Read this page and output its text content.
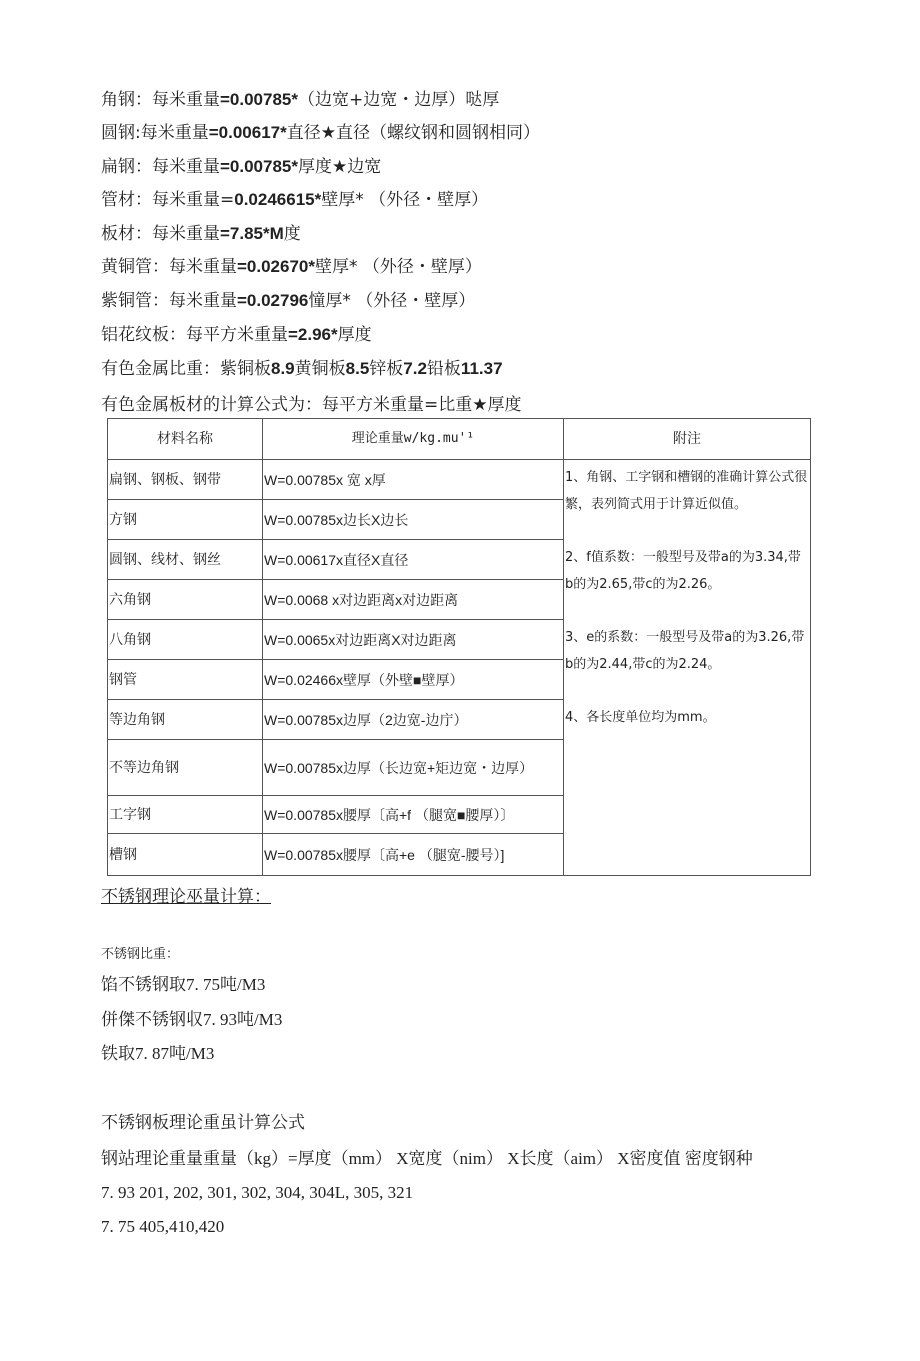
角钢：每米重量=0.00785*（边宽+边宽・边厚）哒厚
圆钢:每米重量=0.00617*直径★直径（螺纹钢和圆钢相同）
扁钢：每米重量=0.00785*厚度★边宽
管材：每米重量=0.0246615*壁厚* （外径・壁厚）
板材：每米重量=7.85*M度
黄铜管：每米重量=0.02670*壁厚* （外径・壁厚）
紫铜管：每米重量=0.02796憧厚* （外径・壁厚）
铝花纹板：每平方米重量=2.96*厚度
有色金属比重：紫铜板8.9黄铜板8.5锌板7.2铅板11.37
有色金属板材的计算公式为：每平方米重量=比重★厚度
材料名称	理论重量w/kg.mu'¹	附注
扁钢、钢板、钢带	W=0.00785x 宽 x厚	1、角钢、工字钢和槽钢的准确计算公式很繁，表列简式用于计算近似值。

2、f值系数：一般型号及带a的为3.34,带b的为2.65,带c的为2.26。

3、e的系数：一般型号及带a的为3.26,带b的为2.44,带c的为2.24。

4、各长度单位均为mm。

方钢	W=0.00785x边长X边长	
圆钢、线材、钢丝	W=0.00617x直径X直径	
六角钢	W=0.0068 x对边距离x对边距离	
八角钢	W=0.0065x对边距离X对边距离	
钢管	W=0.02466x壁厚（外壁■壁厚）	
等边角钢	W=0.00785x边厚（2边宽-边庁）	
不等边角钢	W=0.00785x边厚（长边宽+矩边宽・边厚）	
工字钢	W=0.00785x腰厚〔高+f （腿宽■腰厚）〕	
槽钢	W=0.00785x腰厚〔高+e （腿宽-腰号）]	
不锈钢理论巫量计算：
不锈钢比重：
馅不锈钢取7. 75吨/M3
併傑不锈钢収7. 93吨/M3
铁取7. 87吨/M3
不锈钢板理论重虽计算公式
钢站理论重量重量（kg）=厚度（mm） X宽度（nim） X长度（aim） X密度值 密度钢种
7. 93 201, 202, 301, 302, 304, 304L, 305, 321
7. 75 405,410,420
